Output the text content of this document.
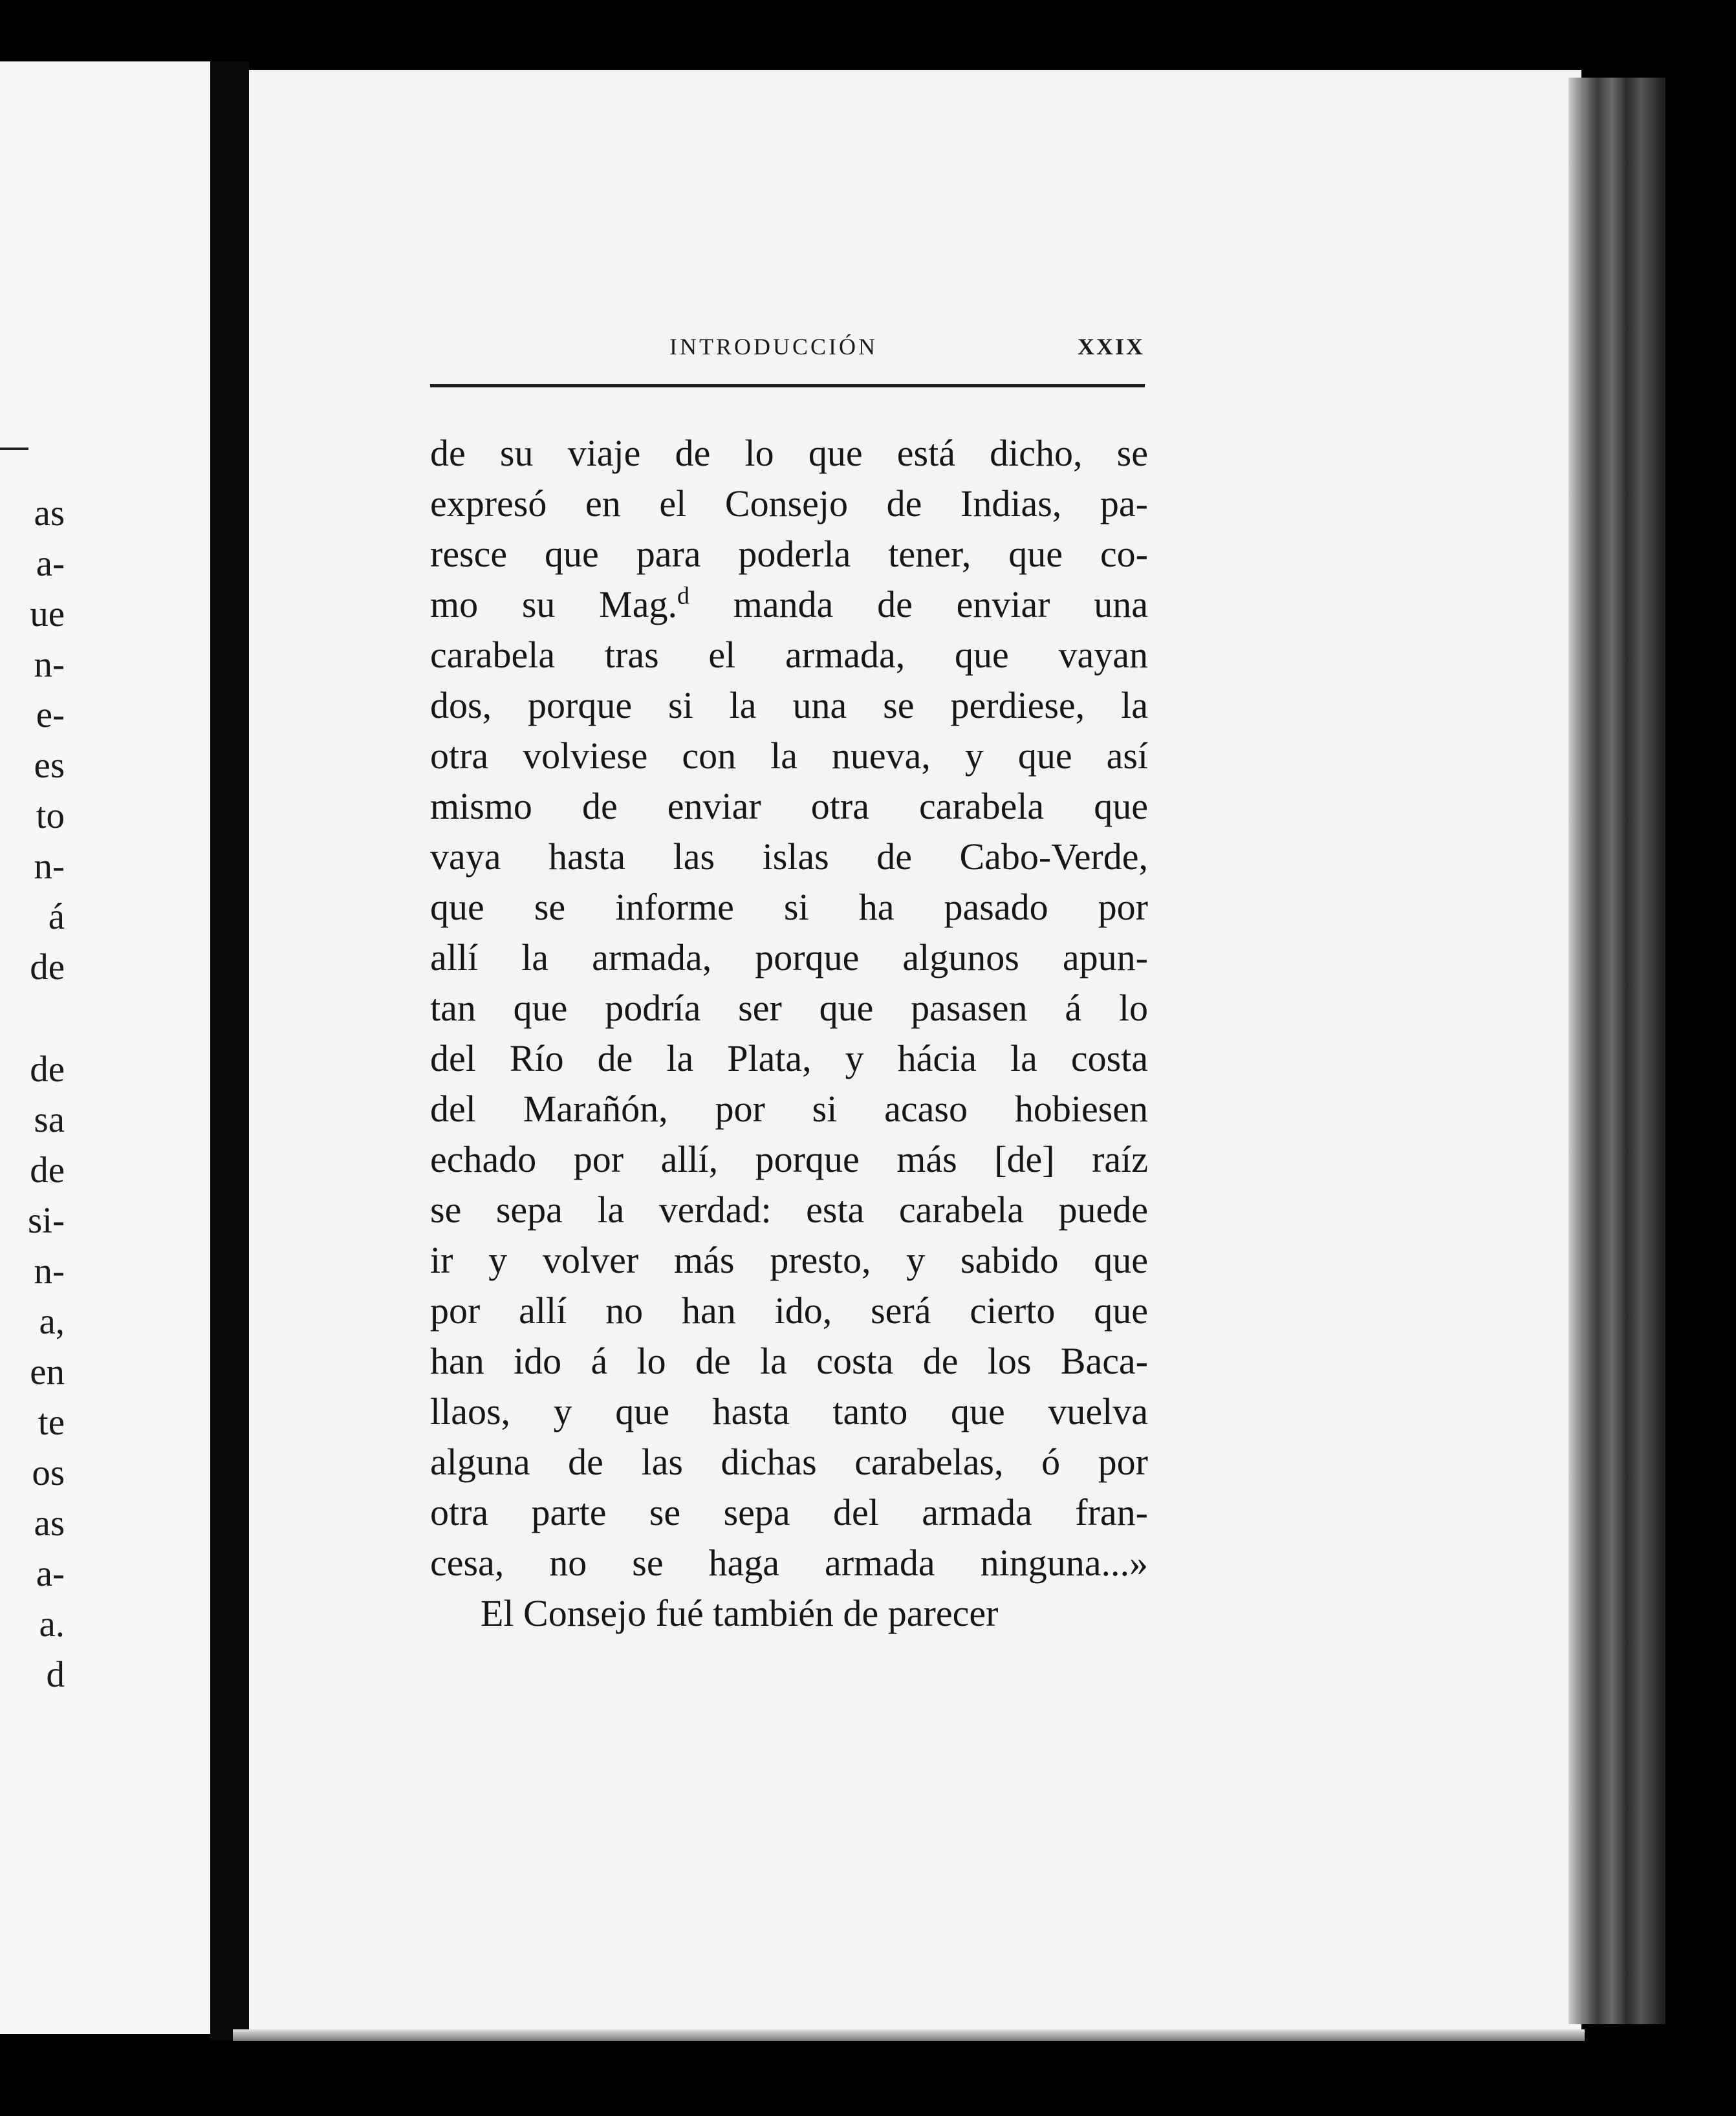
as
a-
ue
n-
e-
es
to
n-
á
de
de
sa
de
si-
n-
a,
en
te
os
as
a-
a.
d
INTRODUCCIÓN	XXIX
de su viaje de lo que está dicho, se
expresó en el Consejo de Indias, pa-
resce que para poderla tener, que co-
mo su Mag.$^d$ manda de enviar una
carabela tras el armada, que vayan
dos, porque si la una se perdiese, la
otra volviese con la nueva, y que así
mismo de enviar otra carabela que
vaya hasta las islas de Cabo-Verde,
que se informe si ha pasado por
allí la armada, porque algunos apun-
tan que podría ser que pasasen á lo
del Río de la Plata, y hácia la costa
del Marañón, por si acaso hobiesen
echado por allí, porque más [de] raíz
se sepa la verdad: esta carabela puede
ir y volver más presto, y sabido que
por allí no han ido, será cierto que
han ido á lo de la costa de los Baca-
llaos, y que hasta tanto que vuelva
alguna de las dichas carabelas, ó por
otra parte se sepa del armada fran-
cesa, no se haga armada ninguna...»
El Consejo fué también de parecer
